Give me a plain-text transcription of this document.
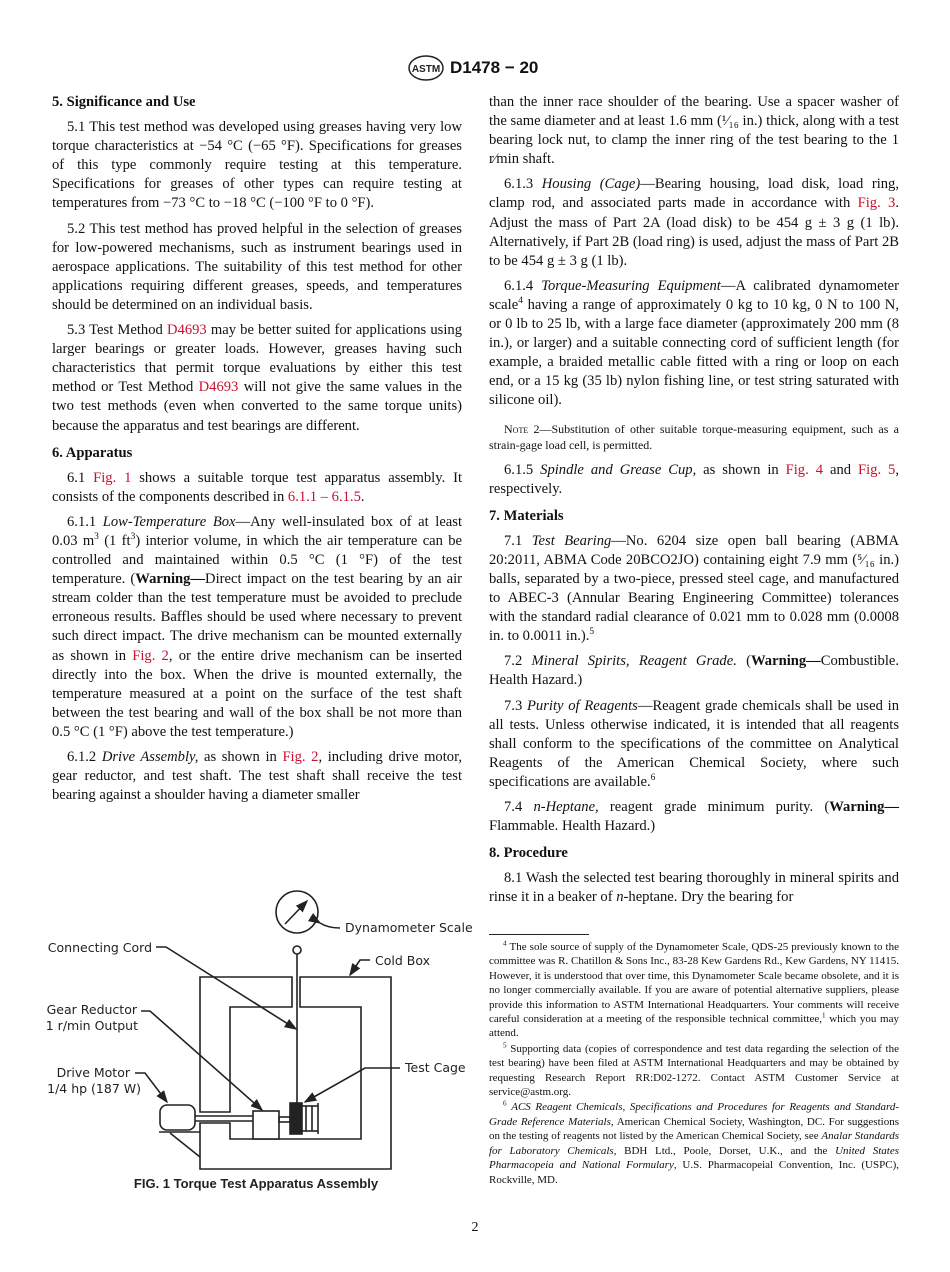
ASTM D1478 − 20
5. Significance and Use

5.1 This test method was developed using greases having very low torque characteristics at −54 °C (−65 °F). Specifications for greases of this type commonly require testing at this temperature. Specifications for greases of other types can require testing at temperatures from −73 °C to −18 °C (−100 °F to 0 °F).

5.2 This test method has proved helpful in the selection of greases for low-powered mechanisms, such as instrument bearings used in aerospace applications. The suitability of this test method for other applications requiring different greases, speeds, and temperatures should be determined on an individual basis.

5.3 Test Method D4693 may be better suited for applications using larger bearings or greater loads. However, greases having such characteristics that permit torque evaluations by either this test method or Test Method D4693 will not give the same values in the two test methods (even when converted to the same torque units) because the apparatus and test bearings are different.

6. Apparatus

6.1 Fig. 1 shows a suitable torque test apparatus assembly. It consists of the components described in 6.1.1 – 6.1.5.

6.1.1 Low-Temperature Box—Any well-insulated box of at least 0.03 $m^3$ (1 $ft^3$) interior volume, in which the air temperature can be controlled and maintained within 0.5 °C (1 °F) of the test temperature. (Warning—Direct impact on the test bearing by an air stream colder than the test temperature must be avoided to preclude erroneous results. Baffles should be used where necessary to prevent such direct impact. The drive mechanism can be mounted externally as shown in Fig. 2, or the entire drive mechanism can be inserted directly into the box. When the drive is mounted externally, the temperature measured at a point on the surface of the test shaft between the test bearing and wall of the box shall be not more than 0.5 °C (1 °F) above the test temperature.)

6.1.2 Drive Assembly, as shown in Fig. 2, including drive motor, gear reductor, and test shaft. The test shaft shall receive the test bearing against a shoulder having a diameter smaller

than the inner race shoulder of the bearing. Use a spacer washer of the same diameter and at least 1.6 mm (¹⁄₁₆ in.) thick, along with a test bearing lock nut, to clamp the inner ring of the test bearing to the 1 r⁄min shaft.

6.1.3 Housing (Cage)—Bearing housing, load disk, load ring, clamp rod, and associated parts made in accordance with Fig. 3. Adjust the mass of Part 2A (load disk) to be 454 g ± 3 g (1 lb). Alternatively, if Part 2B (load ring) is used, adjust the mass of Part 2B to be 454 g ± 3 g (1 lb).

6.1.4 Torque-Measuring Equipment—A calibrated dynamometer scale$^4$ having a range of approximately 0 kg to 10 kg, 0 N to 100 N, or 0 lb to 25 lb, with a large face diameter (approximately 200 mm (8 in.), or larger) and a suitable connecting cord of sufficient length (for example, a braided metallic cable fitted with a ring or loop on each end, or a 15 kg (35 lb) nylon fishing line, or test string saturated with silicone oil).

Note 2—Substitution of other suitable torque-measuring equipment, such as a strain-gage load cell, is permitted.

6.1.5 Spindle and Grease Cup, as shown in Fig. 4 and Fig. 5, respectively.

7. Materials

7.1 Test Bearing—No. 6204 size open ball bearing (ABMA 20:2011, ABMA Code 20BCO2JO) containing eight 7.9 mm (⁵⁄₁₆ in.) balls, separated by a two-piece, pressed steel cage, and manufactured to ABEC-3 (Annular Bearing Engineering Committee) tolerances with the standard radial clearance of 0.021 mm to 0.028 mm (0.0008 in. to 0.0011 in.).$^5$

7.2 Mineral Spirits, Reagent Grade. (Warning—Combustible. Health Hazard.)

7.3 Purity of Reagents—Reagent grade chemicals shall be used in all tests. Unless otherwise indicated, it is intended that all reagents shall conform to the specifications of the committee on Analytical Reagents of the American Chemical Society, where such specifications are available.$^6$

7.4 n-Heptane, reagent grade minimum purity. (Warning—Flammable. Health Hazard.)

8. Procedure

8.1 Wash the selected test bearing thoroughly in mineral spirits and rinse it in a beaker of n-heptane. Dry the bearing for

Dynamometer Scale
Connecting Cord
Cold Box
Gear Reductor
1 r/min Output
Drive Motor
1/4 hp (187 W)
Test Cage
FIG. 1 Torque Test Apparatus Assembly

$^4$ The sole source of supply of the Dynamometer Scale, QDS-25 previously known to the committee was R. Chatillon & Sons Inc., 83-28 Kew Gardens Rd., Kew Gardens, NY 11415. However, it is understood that over time, this Dynamometer Scale became obsolete, and it is no longer commercially available. If you are aware of potential alternative suppliers, please provide this information to ASTM International Headquarters. Your comments will receive careful consideration at a meeting of the responsible technical committee,$^1$ which you may attend.

$^5$ Supporting data (copies of correspondence and test data regarding the selection of the test bearing) have been filed at ASTM International Headquarters and may be obtained by requesting Research Report RR:D02-1272. Contact ASTM Customer Service at service@astm.org.

$^6$ ACS Reagent Chemicals, Specifications and Procedures for Reagents and Standard-Grade Reference Materials, American Chemical Society, Washington, DC. For suggestions on the testing of reagents not listed by the American Chemical Society, see Analar Standards for Laboratory Chemicals, BDH Ltd., Poole, Dorset, U.K., and the United States Pharmacopeia and National Formulary, U.S. Pharmacopeial Convention, Inc. (USPC), Rockville, MD.

2
